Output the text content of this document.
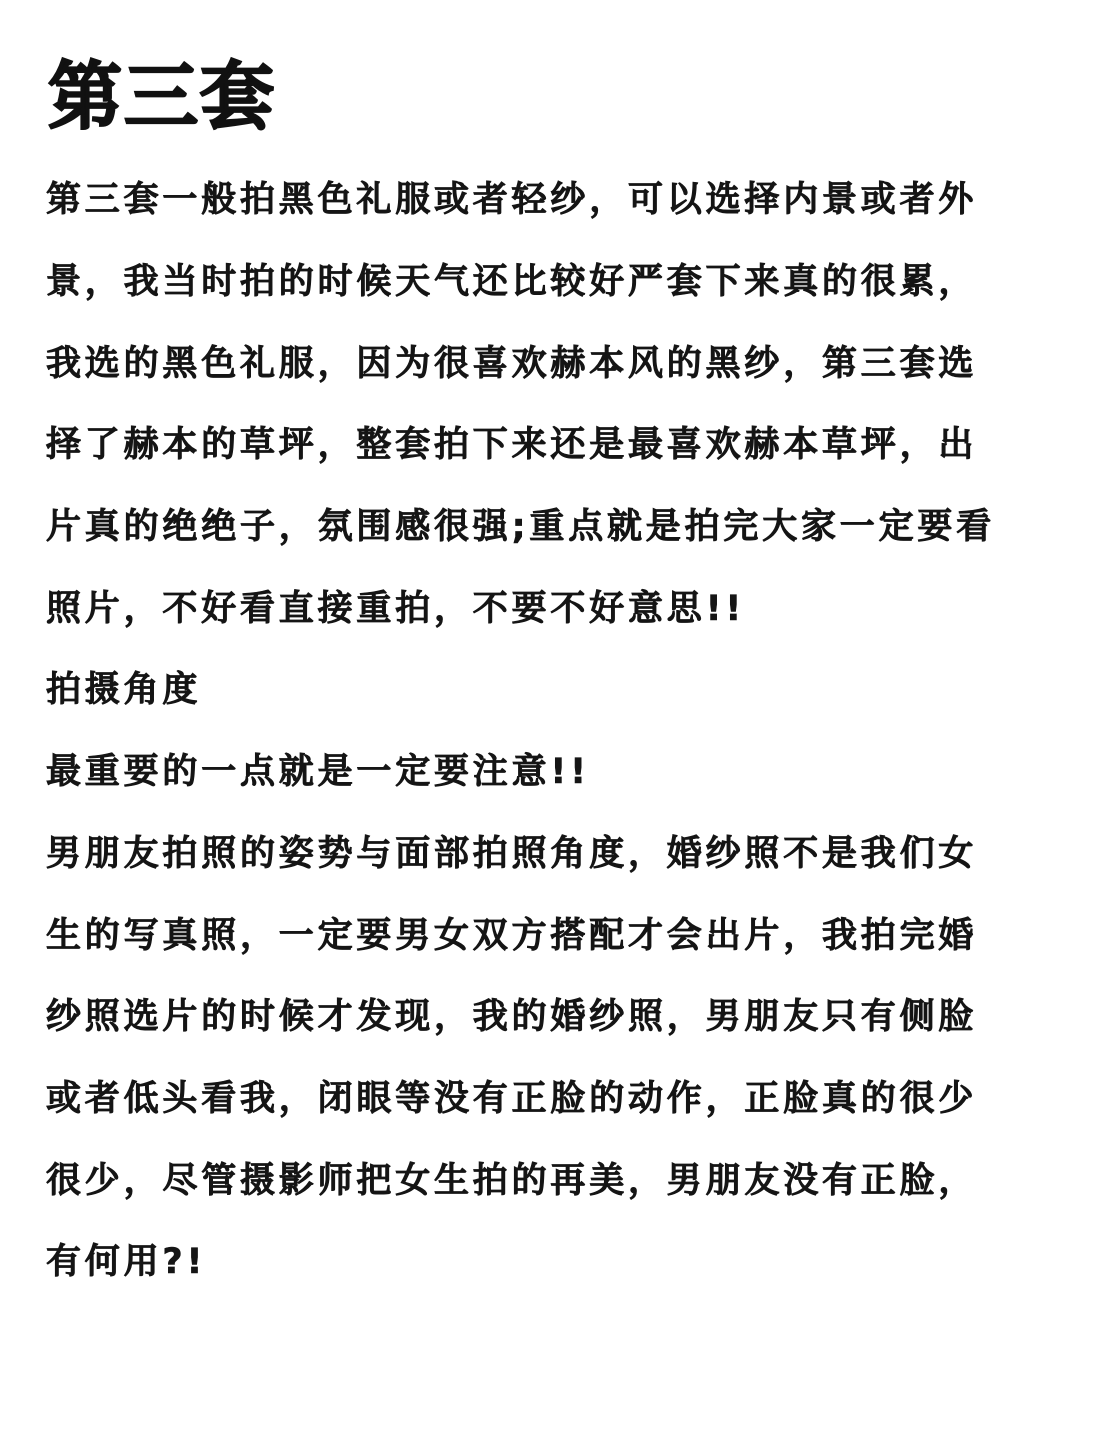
第三套

第三套一般拍黑色礼服或者轻纱，可以选择内景或者外

景，我当时拍的时候天气还比较好严套下来真的很累，

我选的黑色礼服，因为很喜欢赫本风的黑纱，第三套选

择了赫本的草坪，整套拍下来还是最喜欢赫本草坪，出

片真的绝绝子，氛围感很强;重点就是拍完大家一定要看

照片，不好看直接重拍，不要不好意思!!

拍摄角度

最重要的一点就是一定要注意!!

男朋友拍照的姿势与面部拍照角度，婚纱照不是我们女

生的写真照，一定要男女双方搭配才会出片，我拍完婚

纱照选片的时候才发现，我的婚纱照，男朋友只有侧脸

或者低头看我，闭眼等没有正脸的动作，正脸真的很少

很少，尽管摄影师把女生拍的再美，男朋友没有正脸，

有何用?!
